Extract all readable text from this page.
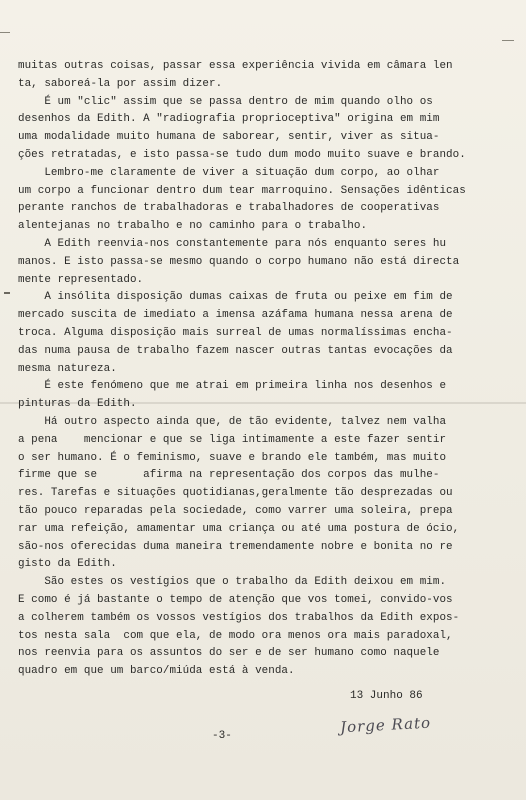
muitas outras coisas, passar essa experiência vivida em câmara len
ta, saboreá-la por assim dizer.
É um "clic" assim que se passa dentro de mim quando olho os
desenhos da Edith. A "radiografia proprioceptiva" origina em mim
uma modalidade muito humana de saborear, sentir, viver as situa-
ções retratadas, e isto passa-se tudo dum modo muito suave e brando.
Lembro-me claramente de viver a situação dum corpo, ao olhar
um corpo a funcionar dentro dum tear marroquino. Sensações idênticas
perante ranchos de trabalhadoras e trabalhadores de cooperativas
alentejanas no trabalho e no caminho para o trabalho.
A Edith reenvia-nos constantemente para nós enquanto seres hu
manos. E isto passa-se mesmo quando o corpo humano não está directa
mente representado.
A insólita disposição dumas caixas de fruta ou peixe em fim de
mercado suscita de imediato a imensa azáfama humana nessa arena de
troca. Alguma disposição mais surreal de umas normalíssimas encha-
das numa pausa de trabalho fazem nascer outras tantas evocações da
mesma natureza.
É este fenómeno que me atrai em primeira linha nos desenhos e
pinturas da Edith.
Há outro aspecto ainda que, de tão evidente, talvez nem valha
a pena    mencionar e que se liga intimamente a este fazer sentir
o ser humano. É o feminismo, suave e brando ele também, mas muito
firme que se       afirma na representação dos corpos das mulhe-
res. Tarefas e situações quotidianas,geralmente tão desprezadas ou
tão pouco reparadas pela sociedade, como varrer uma soleira, prepa
rar uma refeição, amamentar uma criança ou até uma postura de ócio,
são-nos oferecidas duma maneira tremendamente nobre e bonita no re
gisto da Edith.
São estes os vestígios que o trabalho da Edith deixou em mim.
E como é já bastante o tempo de atenção que vos tomei, convido-vos
a colherem também os vossos vestígios dos trabalhos da Edith expos-
tos nesta sala  com que ela, de modo ora menos ora mais paradoxal,
nos reenvia para os assuntos do ser e de ser humano como naquele
quadro em que um barco/miúda está à venda.
13 Junho 86
-3-	Jorge Rato
